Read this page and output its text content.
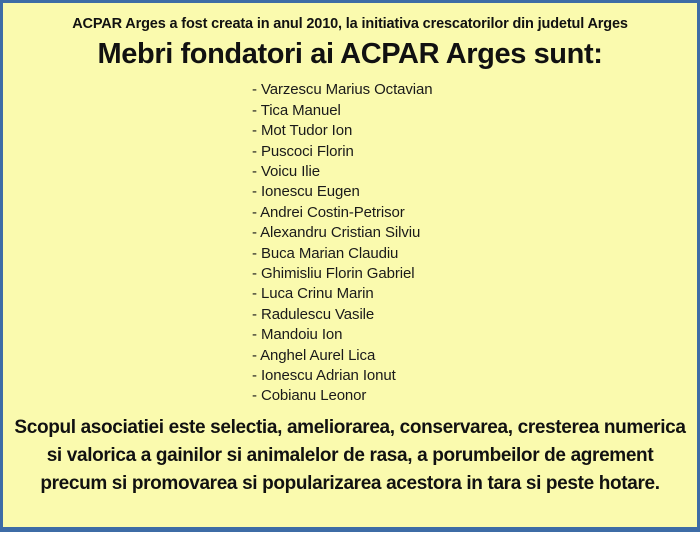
ACPAR Arges a fost creata in anul 2010, la initiativa crescatorilor din judetul Arges
Mebri fondatori ai ACPAR Arges sunt:
- Varzescu Marius Octavian
- Tica Manuel
- Mot Tudor Ion
- Puscoci Florin
- Voicu Ilie
- Ionescu Eugen
- Andrei Costin-Petrisor
- Alexandru Cristian Silviu
- Buca Marian Claudiu
- Ghimisliu Florin Gabriel
- Luca Crinu Marin
- Radulescu Vasile
- Mandoiu Ion
- Anghel Aurel Lica
- Ionescu Adrian Ionut
- Cobianu Leonor

Scopul asociatiei este selectia, ameliorarea, conservarea, cresterea numerica si valorica a gainilor si animalelor de rasa, a porumbeilor de agrement precum si promovarea si popularizarea acestora in tara si peste hotare.
